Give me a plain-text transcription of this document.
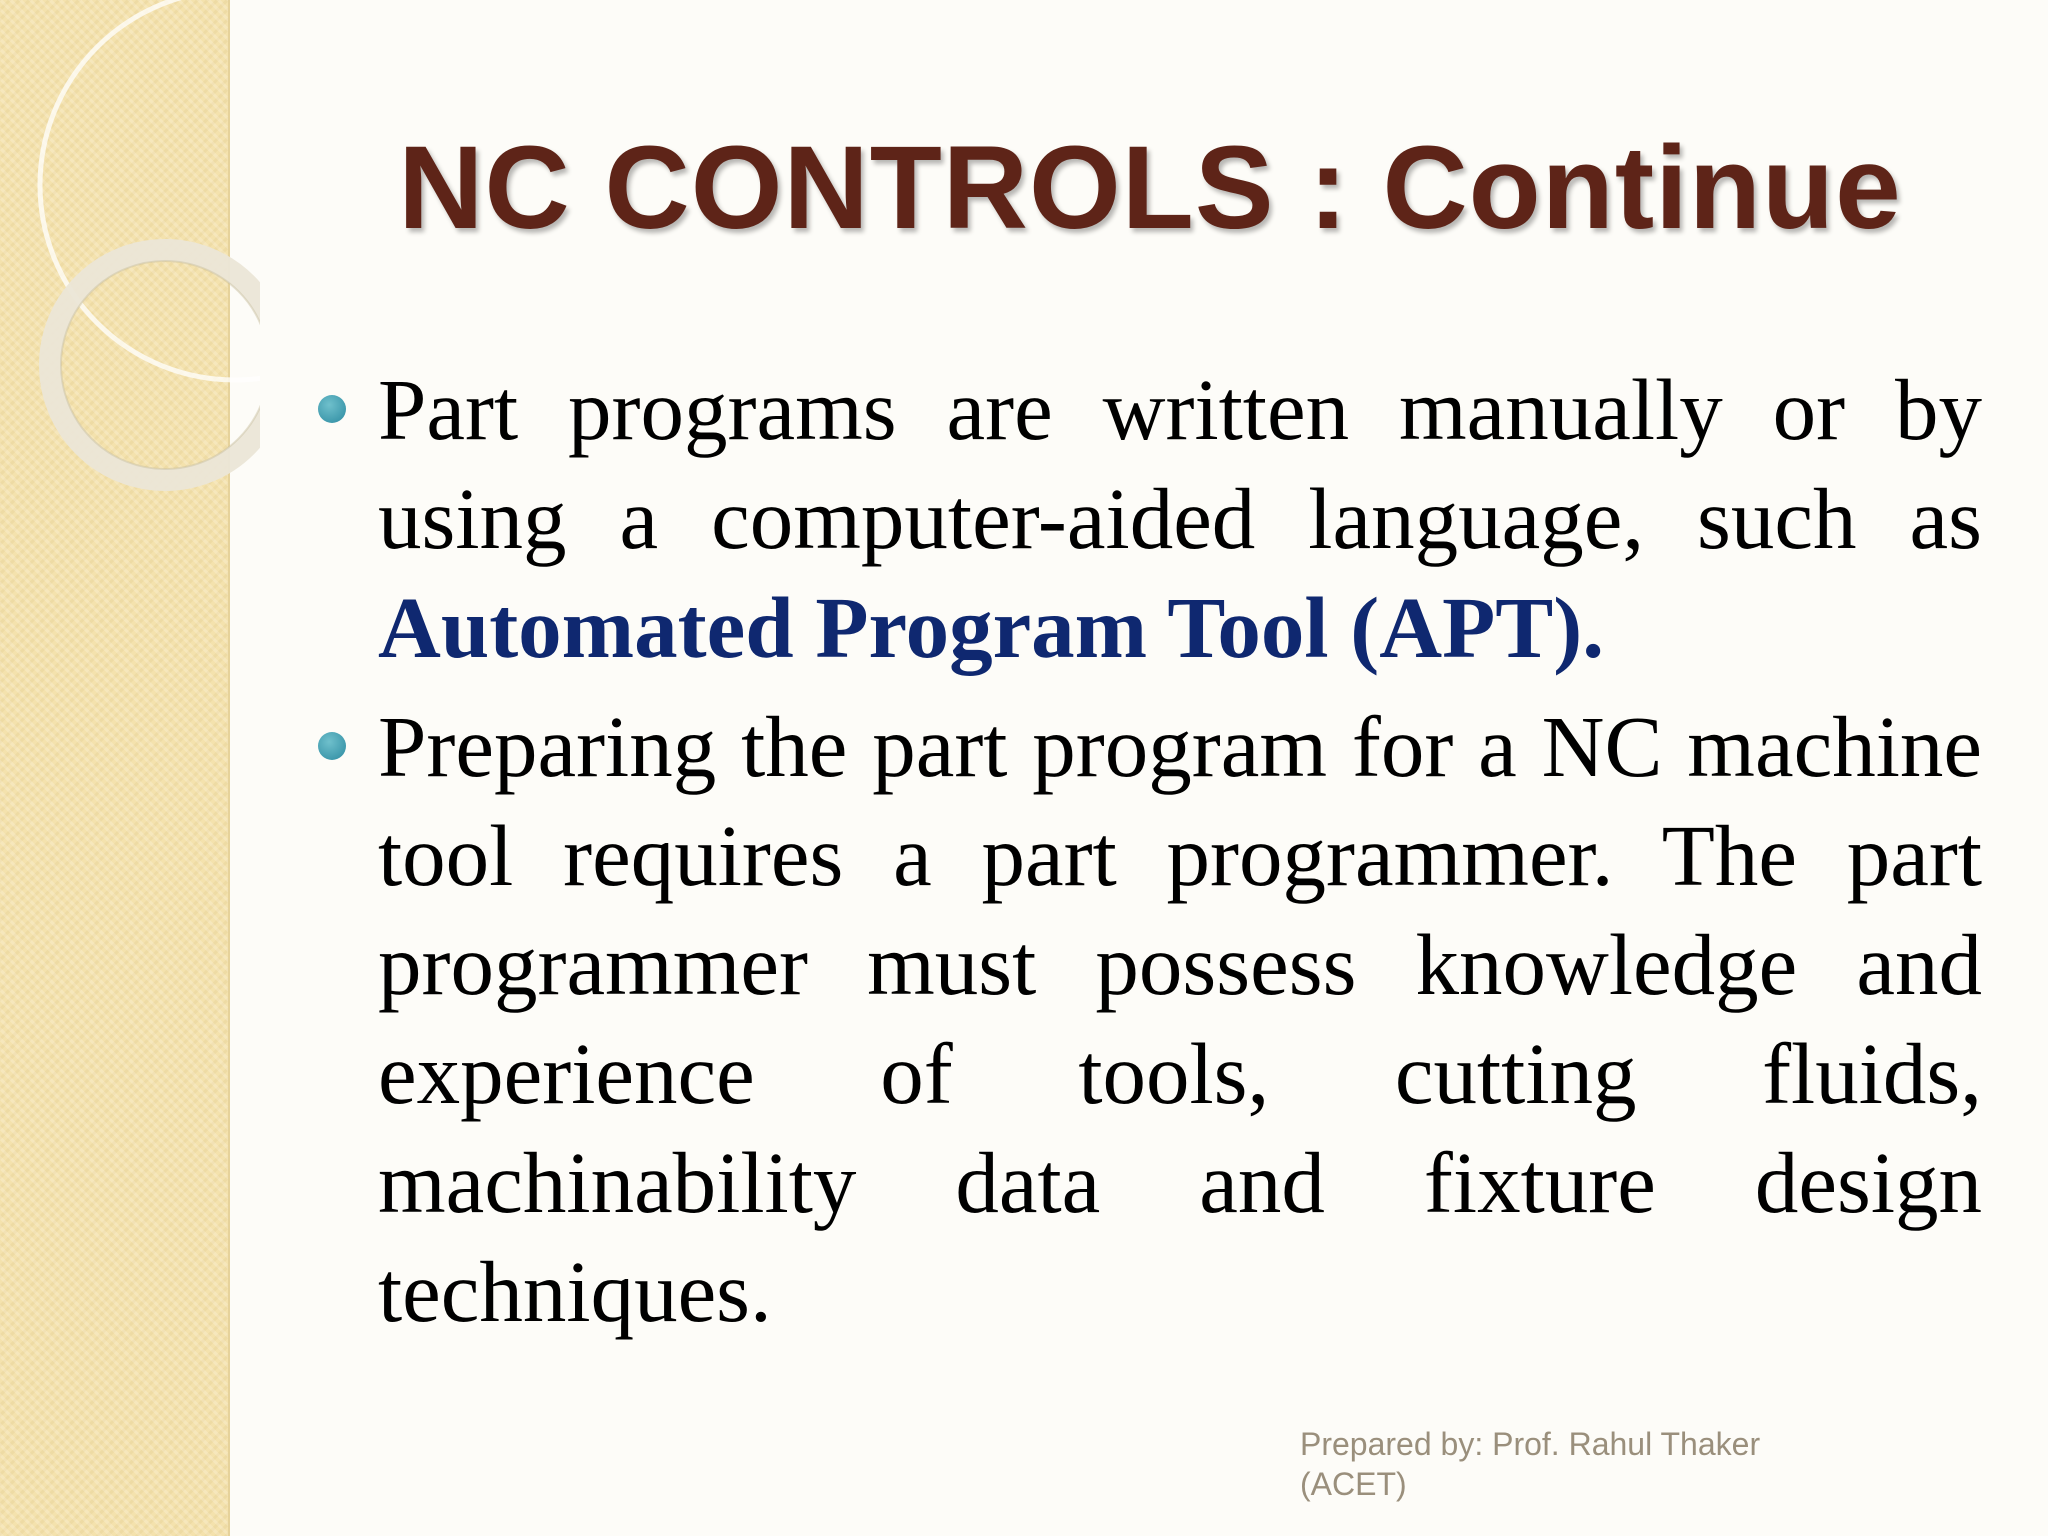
NC CONTROLS : Continue
Part programs are written manually or by using a computer-aided language, such as Automated Program Tool (APT).
Preparing the part program for a NC machine tool requires a part programmer. The part programmer must possess knowledge and experience of tools, cutting fluids, machinability data and fixture design techniques.

Prepared by: Prof. Rahul Thaker
(ACET)
